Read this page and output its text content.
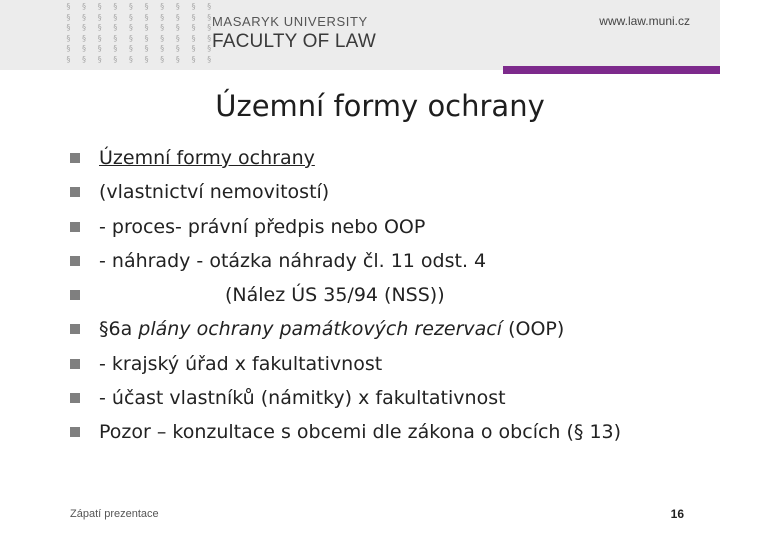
§ § § § § § § § § §
§ § § § § § § § § §
§ § § § § § § § § §
§ § § § § § § § § §
§ § § § § § § § § §
§ § § § § § § § § §
MASARYK UNIVERSITY
FACULTY OF LAW
www.law.muni.cz
Územní formy ochrany
Územní formy ochrany
(vlastnictví nemovitostí)
- proces- právní předpis nebo OOP
- náhrady - otázka náhrady čl. 11 odst. 4
(Nález ÚS 35/94 (NSS))
§6a plány ochrany památkových rezervací (OOP)
- krajský úřad x fakultativnost
- účast vlastníků (námitky) x fakultativnost
Pozor – konzultace s obcemi dle zákona o obcích (§ 13)
Zápatí prezentace	16
